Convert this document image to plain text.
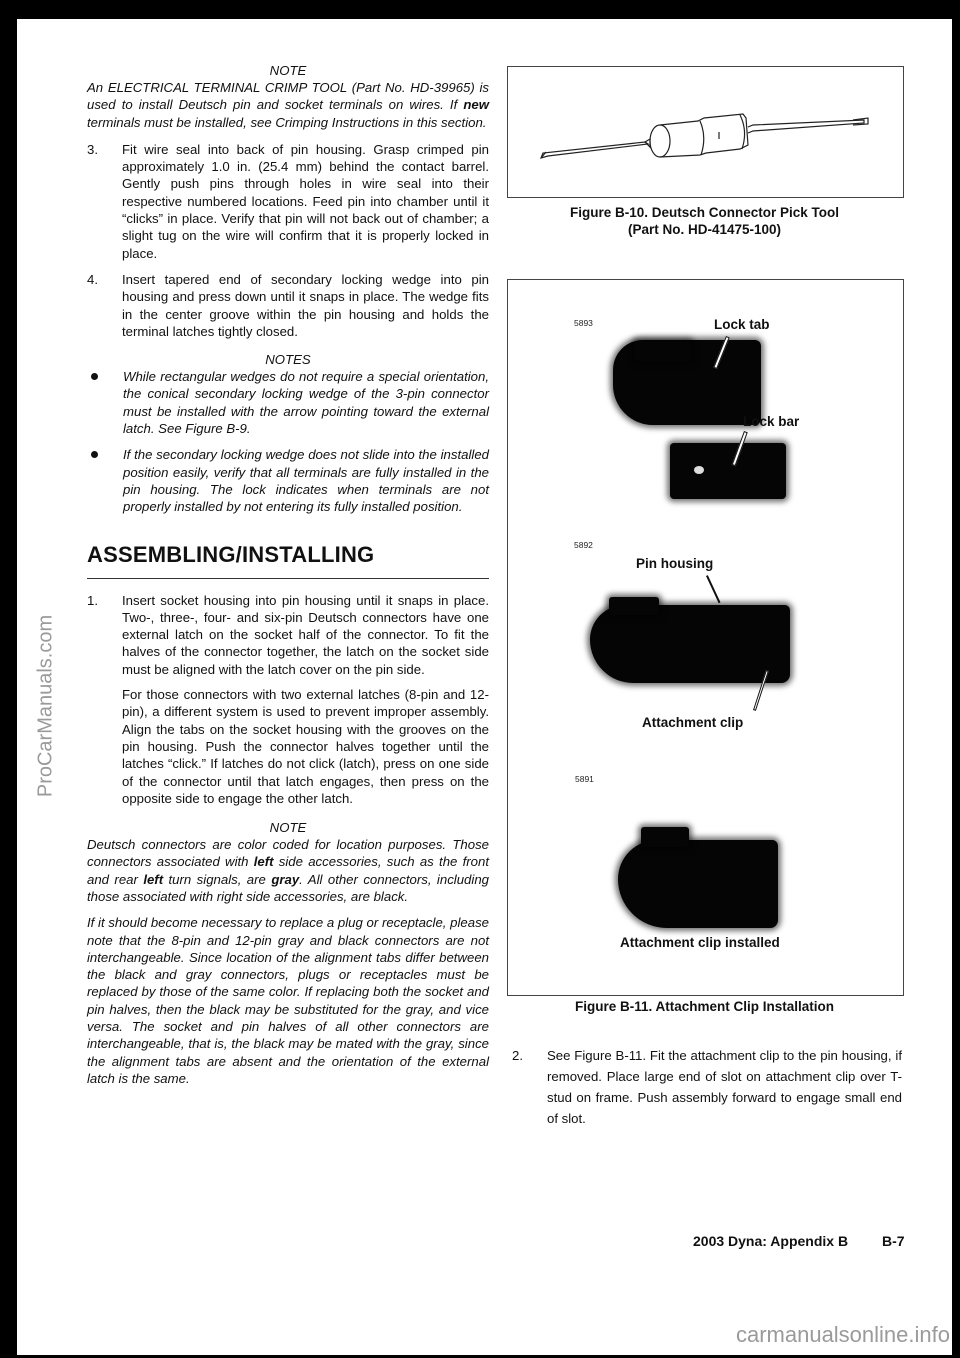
NOTE

An ELECTRICAL TERMINAL CRIMP TOOL (Part No. HD-39965) is used to install Deutsch pin and socket terminals on wires. If new terminals must be installed, see Crimping Instructions in this section.

3.	Fit wire seal into back of pin housing. Grasp crimped pin approximately 1.0 in. (25.4 mm) behind the contact barrel. Gently push pins through holes in wire seal into their respective numbered locations. Feed pin into chamber until it “clicks” in place. Verify that pin will not back out of chamber; a slight tug on the wire will confirm that it is properly locked in place.
4.	Insert tapered end of secondary locking wedge into pin housing and press down until it snaps in place. The wedge fits in the center groove within the pin housing and holds the terminal latches tightly closed.

NOTES

While rectangular wedges do not require a special orientation, the conical secondary locking wedge of the 3-pin connector must be installed with the arrow pointing toward the external latch. See Figure B-9.
If the secondary locking wedge does not slide into the installed position easily, verify that all terminals are fully installed in the pin housing. The lock indicates when terminals are not properly installed by not entering its fully installed position.
ASSEMBLING/INSTALLING
1.	Insert socket housing into pin housing until it snaps in place. Two-, three-, four- and six-pin Deutsch connectors have one external latch on the socket half of the connector. To fit the halves of the connector together, the latch on the socket side must be aligned with the latch cover on the pin side.
For those connectors with two external latches (8-pin and 12-pin), a different system is used to prevent improper assembly. Align the tabs on the socket housing with the grooves on the pin housing. Push the connector halves together until the latches “click.” If latches do not click (latch), press on one side of the connector until that latch engages, then press on the opposite side to engage the other latch.

NOTE

Deutsch connectors are color coded for location purposes. Those connectors associated with left side accessories, such as the front and rear left turn signals, are gray. All other connectors, including those associated with right side accessories, are black.

If it should become necessary to replace a plug or receptacle, please note that the 8-pin and 12-pin gray and black connectors are not interchangeable. Since location of the alignment tabs differ between the black and gray connectors, plugs or receptacles must be replaced by those of the same color. If replacing both the socket and pin halves, then the black may be substituted for the gray, and vice versa. The socket and pin halves of all other connectors are interchangeable, that is, the black may be mated with the gray, since the alignment tabs are absent and the orientation of the external latch is the same.

Figure B-10. Deutsch Connector Pick Tool
(Part No. HD-41475-100)
5893	Lock tab
Lock bar
5892
Pin housing
Attachment clip
5891
Attachment clip installed
Figure B-11. Attachment Clip Installation
2.	See Figure B-11. Fit the attachment clip to the pin housing, if removed. Place large end of slot on attachment clip over T-stud on frame. Push assembly forward to engage small end of slot.
2003 Dyna: Appendix B B-7
ProCarManuals.com
carmanualsonline.info
